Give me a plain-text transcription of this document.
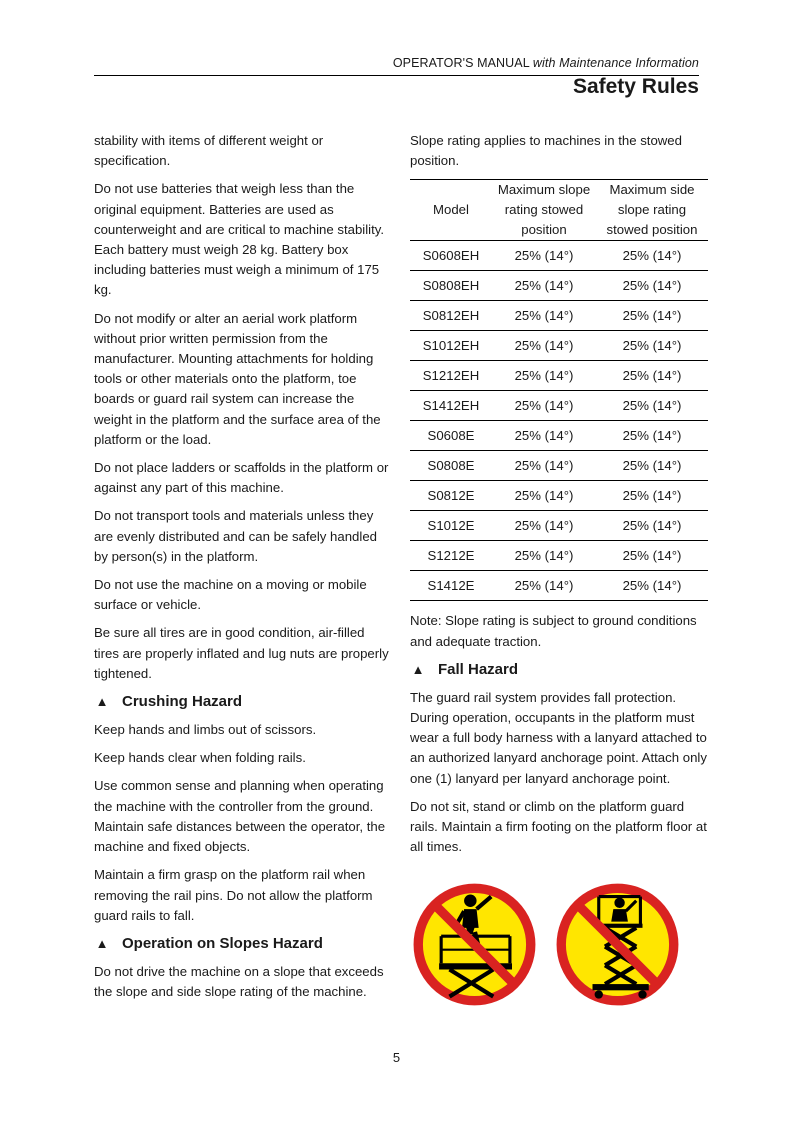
OPERATOR'S MANUAL with Maintenance Information
Safety Rules

stability with items of different weight or specification.

Do not use batteries that weigh less than the original equipment. Batteries are used as counterweight and are critical to machine stability. Each battery must weigh 28 kg. Battery box including batteries must weigh a minimum of 175 kg.

Do not modify or alter an aerial work platform without prior written permission from the manufacturer. Mounting attachments for holding tools or other materials onto the platform, toe boards or guard rail system can increase the weight in the platform and the surface area of the platform or the load.

Do not place ladders or scaffolds in the platform or against any part of this machine.

Do not transport tools and materials unless they are evenly distributed and can be safely handled by person(s) in the platform.

Do not use the machine on a moving or mobile surface or vehicle.

Be sure all tires are in good condition, air-filled tires are properly inflated and lug nuts are properly tightened.

▲ Crushing Hazard

Keep hands and limbs out of scissors.

Keep hands clear when folding rails.

Use common sense and planning when operating the machine with the controller from the ground. Maintain safe distances between the operator, the machine and fixed objects.

Maintain a firm grasp on the platform rail when removing the rail pins. Do not allow the platform guard rails to fall.

▲ Operation on Slopes Hazard

Do not drive the machine on a slope that exceeds the slope and side slope rating of the machine.

Slope rating applies to machines in the stowed position.

Model	Maximum slope rating stowed position	Maximum side slope rating stowed position
S0608EH	25% (14°)	25% (14°)
S0808EH	25% (14°)	25% (14°)
S0812EH	25% (14°)	25% (14°)
S1012EH	25% (14°)	25% (14°)
S1212EH	25% (14°)	25% (14°)
S1412EH	25% (14°)	25% (14°)
S0608E	25% (14°)	25% (14°)
S0808E	25% (14°)	25% (14°)
S0812E	25% (14°)	25% (14°)
S1012E	25% (14°)	25% (14°)
S1212E	25% (14°)	25% (14°)
S1412E	25% (14°)	25% (14°)

Note: Slope rating is subject to ground conditions and adequate traction.

▲ Fall Hazard

The guard rail system provides fall protection. During operation, occupants in the platform must wear a full body harness with a lanyard attached to an authorized lanyard anchorage point. Attach only one (1) lanyard per lanyard anchorage point.

Do not sit, stand or climb on the platform guard rails. Maintain a firm footing on the platform floor at all times.

5
